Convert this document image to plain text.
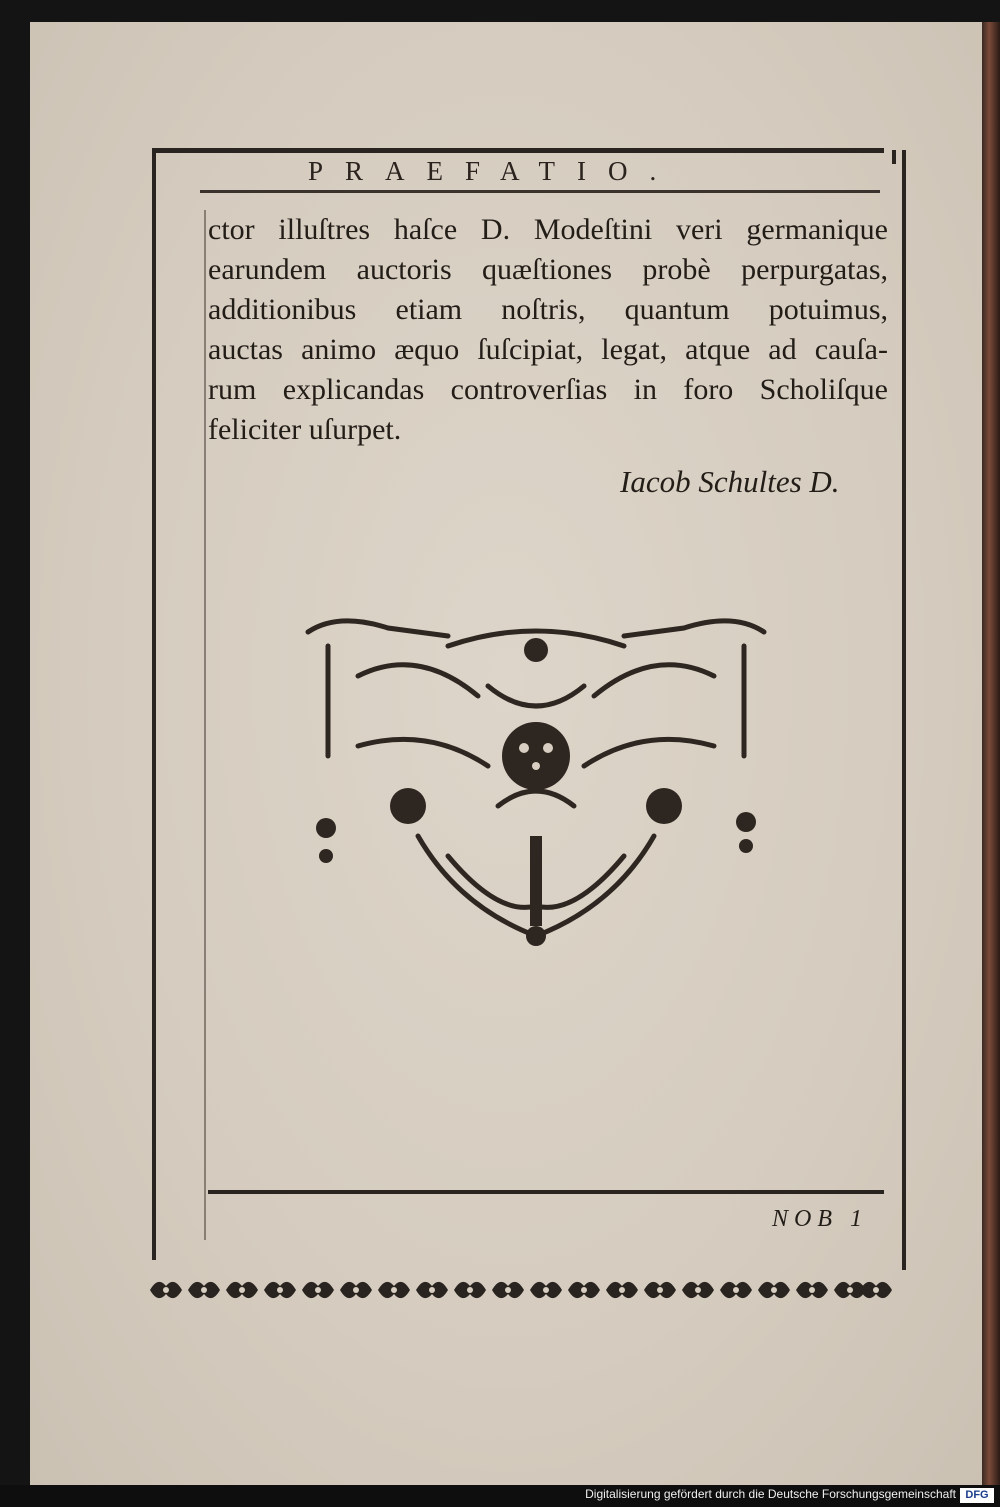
PRAEFATIO.
ctor illuſtres haſce D. Modeſtini veri germanique
earundem auctoris quæſtiones probè perpurgatas,
additionibus etiam noſtris, quantum potuimus,
auctas animo æquo ſuſcipiat, legat, atque ad cauſa-
rum explicandas controverſias in foro Scholiſque
feliciter uſurpet.
Iacob Schultes D.
NOB 1
Digitalisierung gefördert durch die Deutsche Forschungsgemeinschaft DFG
